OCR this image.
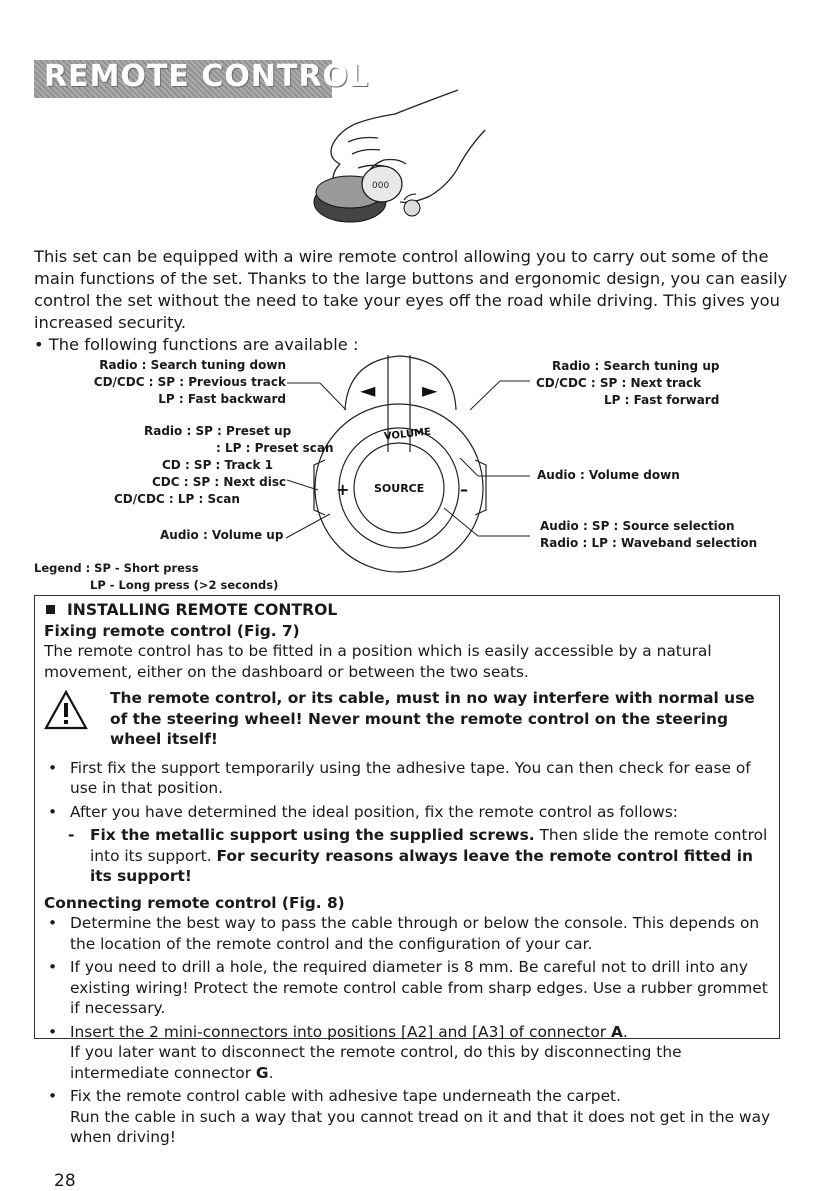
REMOTE CONTROL
000

This set can be equipped with a wire remote control allowing you to carry out some of the main functions of the set. Thanks to the large buttons and ergonomic design, you can easily control the set without the need to take your eyes off the road while driving. This gives you increased security.

• The following functions are available :

◄ ►
VOLUME
SOURCE
+	–
Radio : Search tuning down
CD/CDC : SP : Previous track
LP : Fast backward
Radio : SP : Preset up
: LP : Preset scan
CD : SP : Track 1
CDC : SP : Next disc
CD/CDC : LP : Scan
Audio : Volume up
Radio : Search tuning up
CD/CDC : SP : Next track
LP : Fast forward
Audio : Volume down
Audio : SP : Source selection
Radio : LP : Waveband selection
Legend : SP - Short press
LP - Long press (>2 seconds)

INSTALLING REMOTE CONTROL

Fixing remote control (Fig. 7)

The remote control has to be fitted in a position which is easily accessible by a natural movement, either on the dashboard or between the two seats.

The remote control, or its cable, must in no way interfere with normal use of the steering wheel! Never mount the remote control on the steering wheel itself!
• First fix the support temporarily using the adhesive tape. You can then check for ease of use in that position.
• After you have determined the ideal position, fix the remote control as follows:
- Fix the metallic support using the supplied screws. Then slide the remote control into its support. For security reasons always leave the remote control fitted in its support!

Connecting remote control (Fig. 8)

• Determine the best way to pass the cable through or below the console. This depends on the location of the remote control and the configuration of your car.
• If you need to drill a hole, the required diameter is 8 mm. Be careful not to drill into any existing wiring! Protect the remote control cable from sharp edges. Use a rubber grommet if necessary.
• Insert the 2 mini-connectors into positions [A2] and [A3] of connector A.
If you later want to disconnect the remote control, do this by disconnecting the intermediate connector G.
• Fix the remote control cable with adhesive tape underneath the carpet.
Run the cable in such a way that you cannot tread on it and that it does not get in the way when driving!
28
